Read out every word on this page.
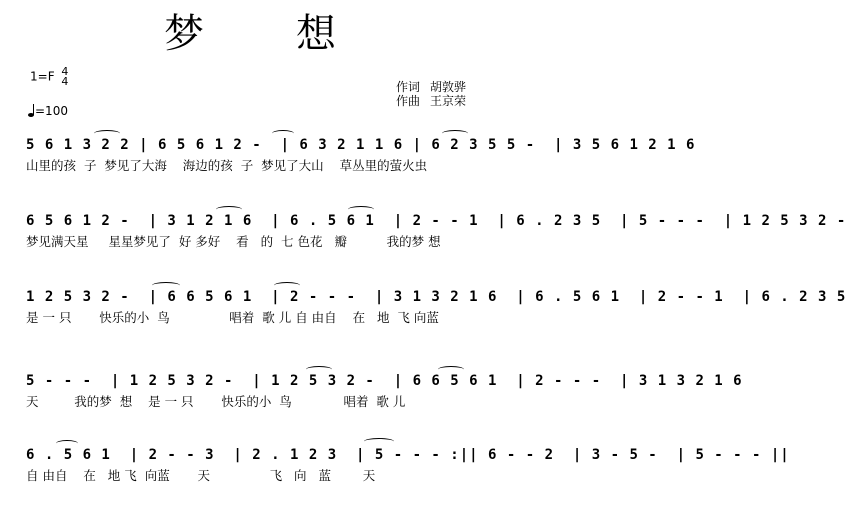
梦　想
1=F 4
4
=100
作词 胡敦骅
作曲 王京荣
5 6 1 3 2 2 | 6 5 6 1 2 -  | 6 3 2 1 1 6 | 6 2 3 5 5 -  | 3 5 6 1 2 1 6
山里的孩  子  梦见了大海    海边的孩  子  梦见了大山    草丛里的萤火虫
6 5 6 1 2 -  | 3 1 2 1 6  | 6 . 5 6 1  | 2 - - 1  | 6 . 2 3 5  | 5 - - -  | 1 2 5 3 2 -
梦见满天星     星星梦见了  好 多好    看   的  七 色花   瓣          我的梦 想
1 2 5 3 2 -  | 6 6 5 6 1  | 2 - - -  | 3 1 3 2 1 6  | 6 . 5 6 1  | 2 - - 1  | 6 . 2 3 5
是 一 只       快乐的小  鸟               唱着  歌 儿 自 由自    在   地  飞 向蓝
5 - - -  | 1 2 5 3 2 -  | 1 2 5 3 2 -  | 6 6 5 6 1  | 2 - - -  | 3 1 3 2 1 6
天         我的梦  想    是 一 只       快乐的小  鸟             唱着  歌 儿
6 . 5 6 1  | 2 - - 3  | 2 . 1 2 3  | 5 - - - :|| 6 - - 2  | 3 - 5 -  | 5 - - - ||
自 由自    在   地 飞  向蓝       天               飞   向   蓝        天
